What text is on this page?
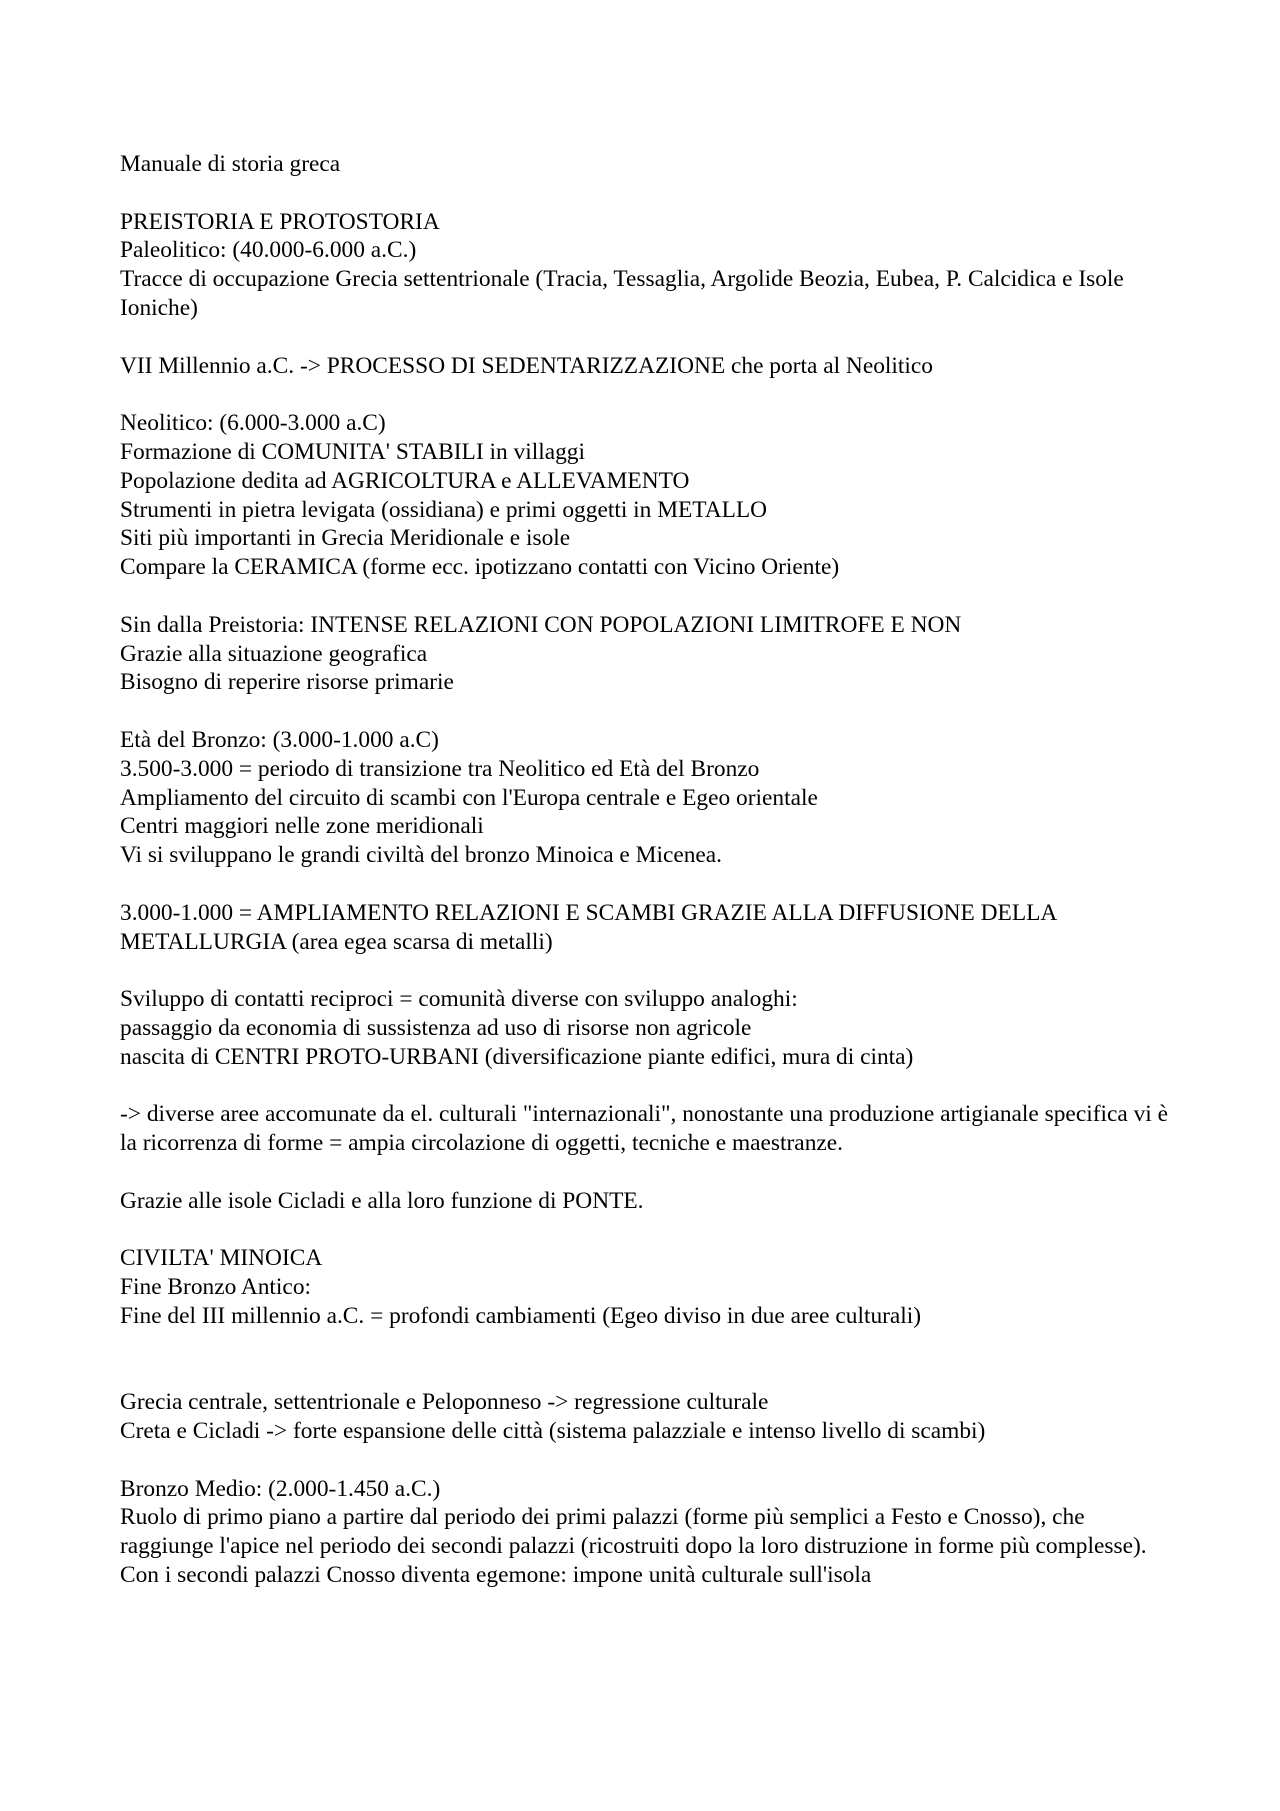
Manuale di storia greca

PREISTORIA E PROTOSTORIA
Paleolitico: (40.000-6.000 a.C.)
Tracce di occupazione Grecia settentrionale (Tracia, Tessaglia, Argolide Beozia, Eubea, P. Calcidica e Isole Ioniche)

VII Millennio a.C. -> PROCESSO DI SEDENTARIZZAZIONE che porta al Neolitico

Neolitico: (6.000-3.000 a.C)
Formazione di COMUNITA' STABILI in villaggi
Popolazione dedita ad AGRICOLTURA e ALLEVAMENTO
Strumenti in pietra levigata (ossidiana) e primi oggetti in METALLO
Siti più importanti in Grecia Meridionale e isole
Compare la CERAMICA (forme ecc. ipotizzano contatti con Vicino Oriente)

Sin dalla Preistoria: INTENSE RELAZIONI CON POPOLAZIONI LIMITROFE E NON
Grazie alla situazione geografica
Bisogno di reperire risorse primarie

Età del Bronzo: (3.000-1.000 a.C)
3.500-3.000 = periodo di transizione tra Neolitico ed Età del Bronzo
Ampliamento del circuito di scambi con l'Europa centrale e Egeo orientale
Centri maggiori nelle zone meridionali
Vi si sviluppano le grandi civiltà del bronzo Minoica e Micenea.

3.000-1.000 = AMPLIAMENTO RELAZIONI E SCAMBI GRAZIE ALLA DIFFUSIONE DELLA METALLURGIA (area egea scarsa di metalli)

Sviluppo di contatti reciproci = comunità diverse con sviluppo analoghi:
passaggio da economia di sussistenza ad uso di risorse non agricole
nascita di CENTRI PROTO-URBANI (diversificazione piante edifici, mura di cinta)

-> diverse aree accomunate da el. culturali "internazionali", nonostante una produzione artigianale specifica vi è la ricorrenza di forme = ampia circolazione di oggetti, tecniche e maestranze.

Grazie alle isole Cicladi e alla loro funzione di PONTE.

CIVILTA' MINOICA
Fine Bronzo Antico:
Fine del III millennio a.C. = profondi cambiamenti (Egeo diviso in due aree culturali)

Grecia centrale, settentrionale e Peloponneso -> regressione culturale
Creta e Cicladi -> forte espansione delle città (sistema palazziale e intenso livello di scambi)

Bronzo Medio: (2.000-1.450 a.C.)
Ruolo di primo piano a partire dal periodo dei primi palazzi (forme più semplici a Festo e Cnosso), che raggiunge l'apice nel periodo dei secondi palazzi (ricostruiti dopo la loro distruzione in forme più complesse).
Con i secondi palazzi Cnosso diventa egemone: impone unità culturale sull'isola
